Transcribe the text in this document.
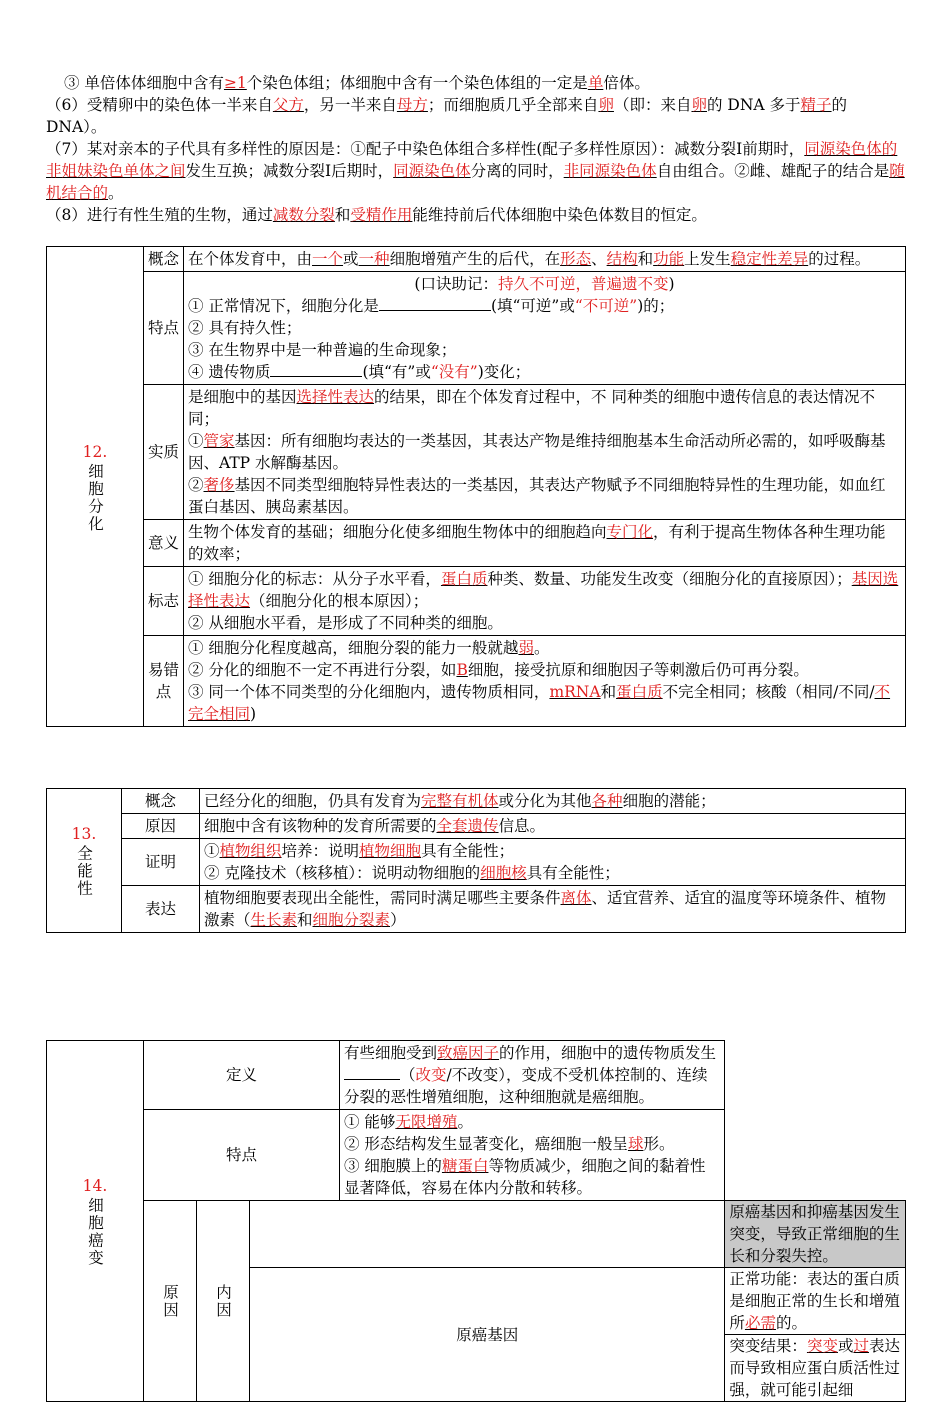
③ 单倍体体细胞中含有≥1个染色体组；体细胞中含有一个染色体组的一定是单倍体。

（6）受精卵中的染色体一半来自父方，另一半来自母方；而细胞质几乎全部来自卵（即：来自卵的 DNA 多于精子的 DNA）。

（7）某对亲本的子代具有多样性的原因是：①配子中染色体组合多样性(配子多样性原因）：减数分裂Ⅰ前期时，同源染色体的非姐妹染色单体之间发生互换；减数分裂Ⅰ后期时，同源染色体分离的同时，非同源染色体自由组合。②雌、雄配子的结合是随机结合的。

（8）进行有性生殖的生物，通过减数分裂和受精作用能维持前后代体细胞中染色体数目的恒定。

12.
细胞分化	概念	在个体发育中，由一个或一种细胞增殖产生的后代，在形态、结构和功能上发生稳定性差异的过程。
	特点	(口诀助记：持久不可逆，普遍遗不变)
① 正常情况下，细胞分化是 (填“可逆”或“不可逆”)的；
② 具有持久性；
③ 在生物界中是一种普遍的生命现象；
④ 遗传物质 (填“有”或“没有”)变化；

	实质	是细胞中的基因选择性表达的结果，即在个体发育过程中，不 同种类的细胞中遗传信息的表达情况不同；
①管家基因：所有细胞均表达的一类基因，其表达产物是维持细胞基本生命活动所必需的，如呼吸酶基因、ATP 水解酶基因。
②奢侈基因不同类型细胞特异性表达的一类基因，其表达产物赋予不同细胞特异性的生理功能，如血红蛋白基因、胰岛素基因。

	意义	生物个体发育的基础；细胞分化使多细胞生物体中的细胞趋向专门化，有利于提高生物体各种生理功能的效率；
	标志	① 细胞分化的标志：从分子水平看，蛋白质种类、数量、功能发生改变（细胞分化的直接原因）；基因选择性表达（细胞分化的根本原因）；
② 从细胞水平看，是形成了不同种类的细胞。

	易错点	① 细胞分化程度越高，细胞分裂的能力一般就越弱。
② 分化的细胞不一定不再进行分裂，如B细胞，接受抗原和细胞因子等刺激后仍可再分裂。
③ 同一个体不同类型的分化细胞内，遗传物质相同，mRNA和蛋白质不完全相同；核酸（相同/不同/不完全相同)
13.
全能性	概念	已经分化的细胞，仍具有发育为完整有机体或分化为其他各种细胞的潜能；
	原因	细胞中含有该物种的发育所需要的全套遗传信息。
	证明	①植物组织培养：说明植物细胞具有全能性；
② 克隆技术（核移植）：说明动物细胞的细胞核具有全能性；

	表达	植物细胞要表现出全能性，需同时满足哪些主要条件离体、适宜营养、适宜的温度等环境条件、植物激素（生长素和细胞分裂素）
14.
细胞癌变	定义			有些细胞受到致癌因子的作用，细胞中的遗传物质发生（改变/不改变），变成不受机体控制的、连续分裂的恶性增殖细胞，这种细胞就是癌细胞。	
	特点			① 能够无限增殖。
② 形态结构发生显著变化，癌细胞一般呈球形。
③ 细胞膜上的糖蛋白等物质减少，细胞之间的黏着性显著降低，容易在体内分散和转移。	

	原因	内因			原癌基因和抑癌基因发生突变，导致正常细胞的生长和分裂失控。
			原癌基因		正常功能：表达的蛋白质是细胞正常的生长和增殖所必需的。
突变结果：突变或过表达而导致相应蛋白质活性过强，就可能引起细
